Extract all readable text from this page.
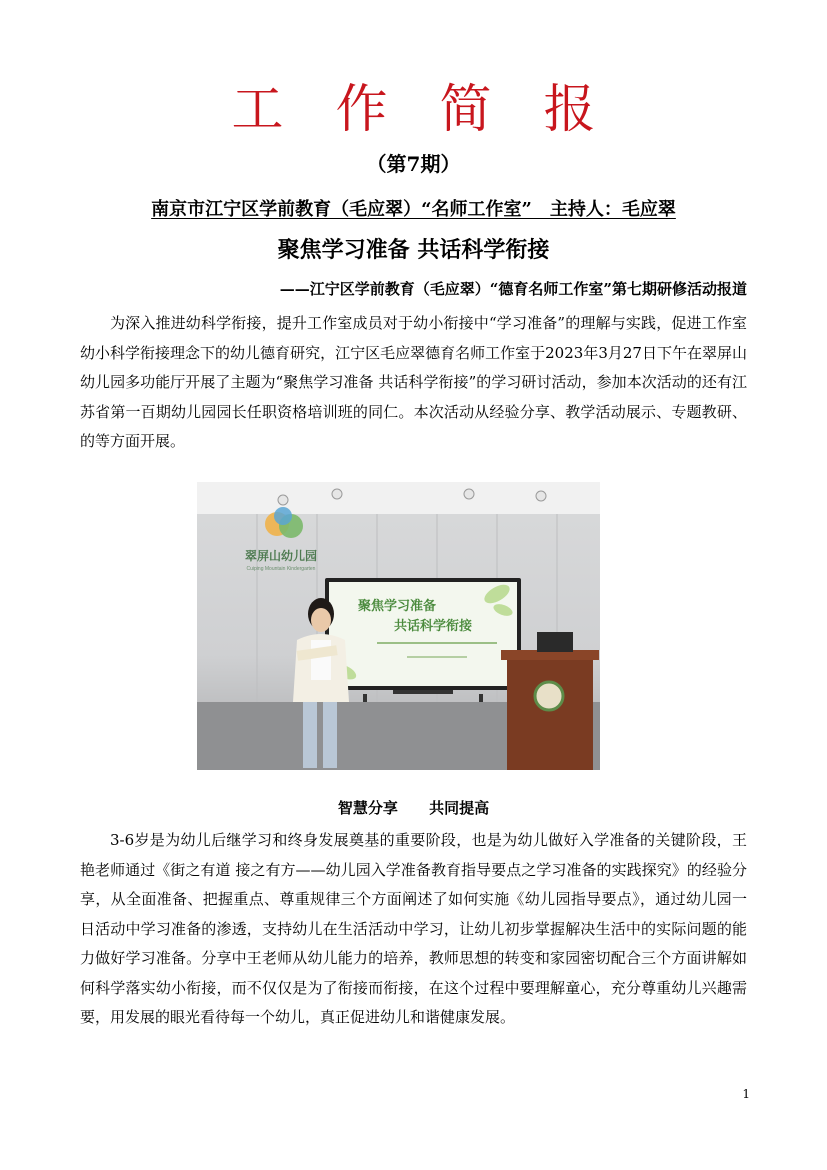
工作简报
（第7期）
南京市江宁区学前教育（毛应翠）“名师工作室”　主持人：毛应翠
聚焦学习准备 共话科学衔接
——江宁区学前教育（毛应翠）“德育名师工作室”第七期研修活动报道

为深入推进幼科学衔接，提升工作室成员对于幼小衔接中“学习准备”的理解与实践，促进工作室幼小科学衔接理念下的幼儿德育研究，江宁区毛应翠德育名师工作室于2023年3月27日下午在翠屏山幼儿园多功能厅开展了主题为“聚焦学习准备 共话科学衔接”的学习研讨活动，参加本次活动的还有江苏省第一百期幼儿园园长任职资格培训班的同仁。本次活动从经验分享、教学活动展示、专题教研、的等方面开展。

翠屏山幼儿园
Cuiping Mountain Kindergarten
聚焦学习准备
共话科学衔接
智慧分享      共同提高

3-6岁是为幼儿后继学习和终身发展奠基的重要阶段，也是为幼儿做好入学准备的关键阶段，王艳老师通过《街之有道 接之有方——幼儿园入学准备教育指导要点之学习准备的实践探究》的经验分享，从全面准备、把握重点、尊重规律三个方面阐述了如何实施《幼儿园指导要点》，通过幼儿园一日活动中学习准备的渗透，支持幼儿在生活活动中学习，让幼儿初步掌握解决生活中的实际问题的能力做好学习准备。分享中王老师从幼儿能力的培养，教师思想的转变和家园密切配合三个方面讲解如何科学落实幼小衔接，而不仅仅是为了衔接而衔接，在这个过程中要理解童心，充分尊重幼儿兴趣需要，用发展的眼光看待每一个幼儿，真正促进幼儿和谐健康发展。

1
